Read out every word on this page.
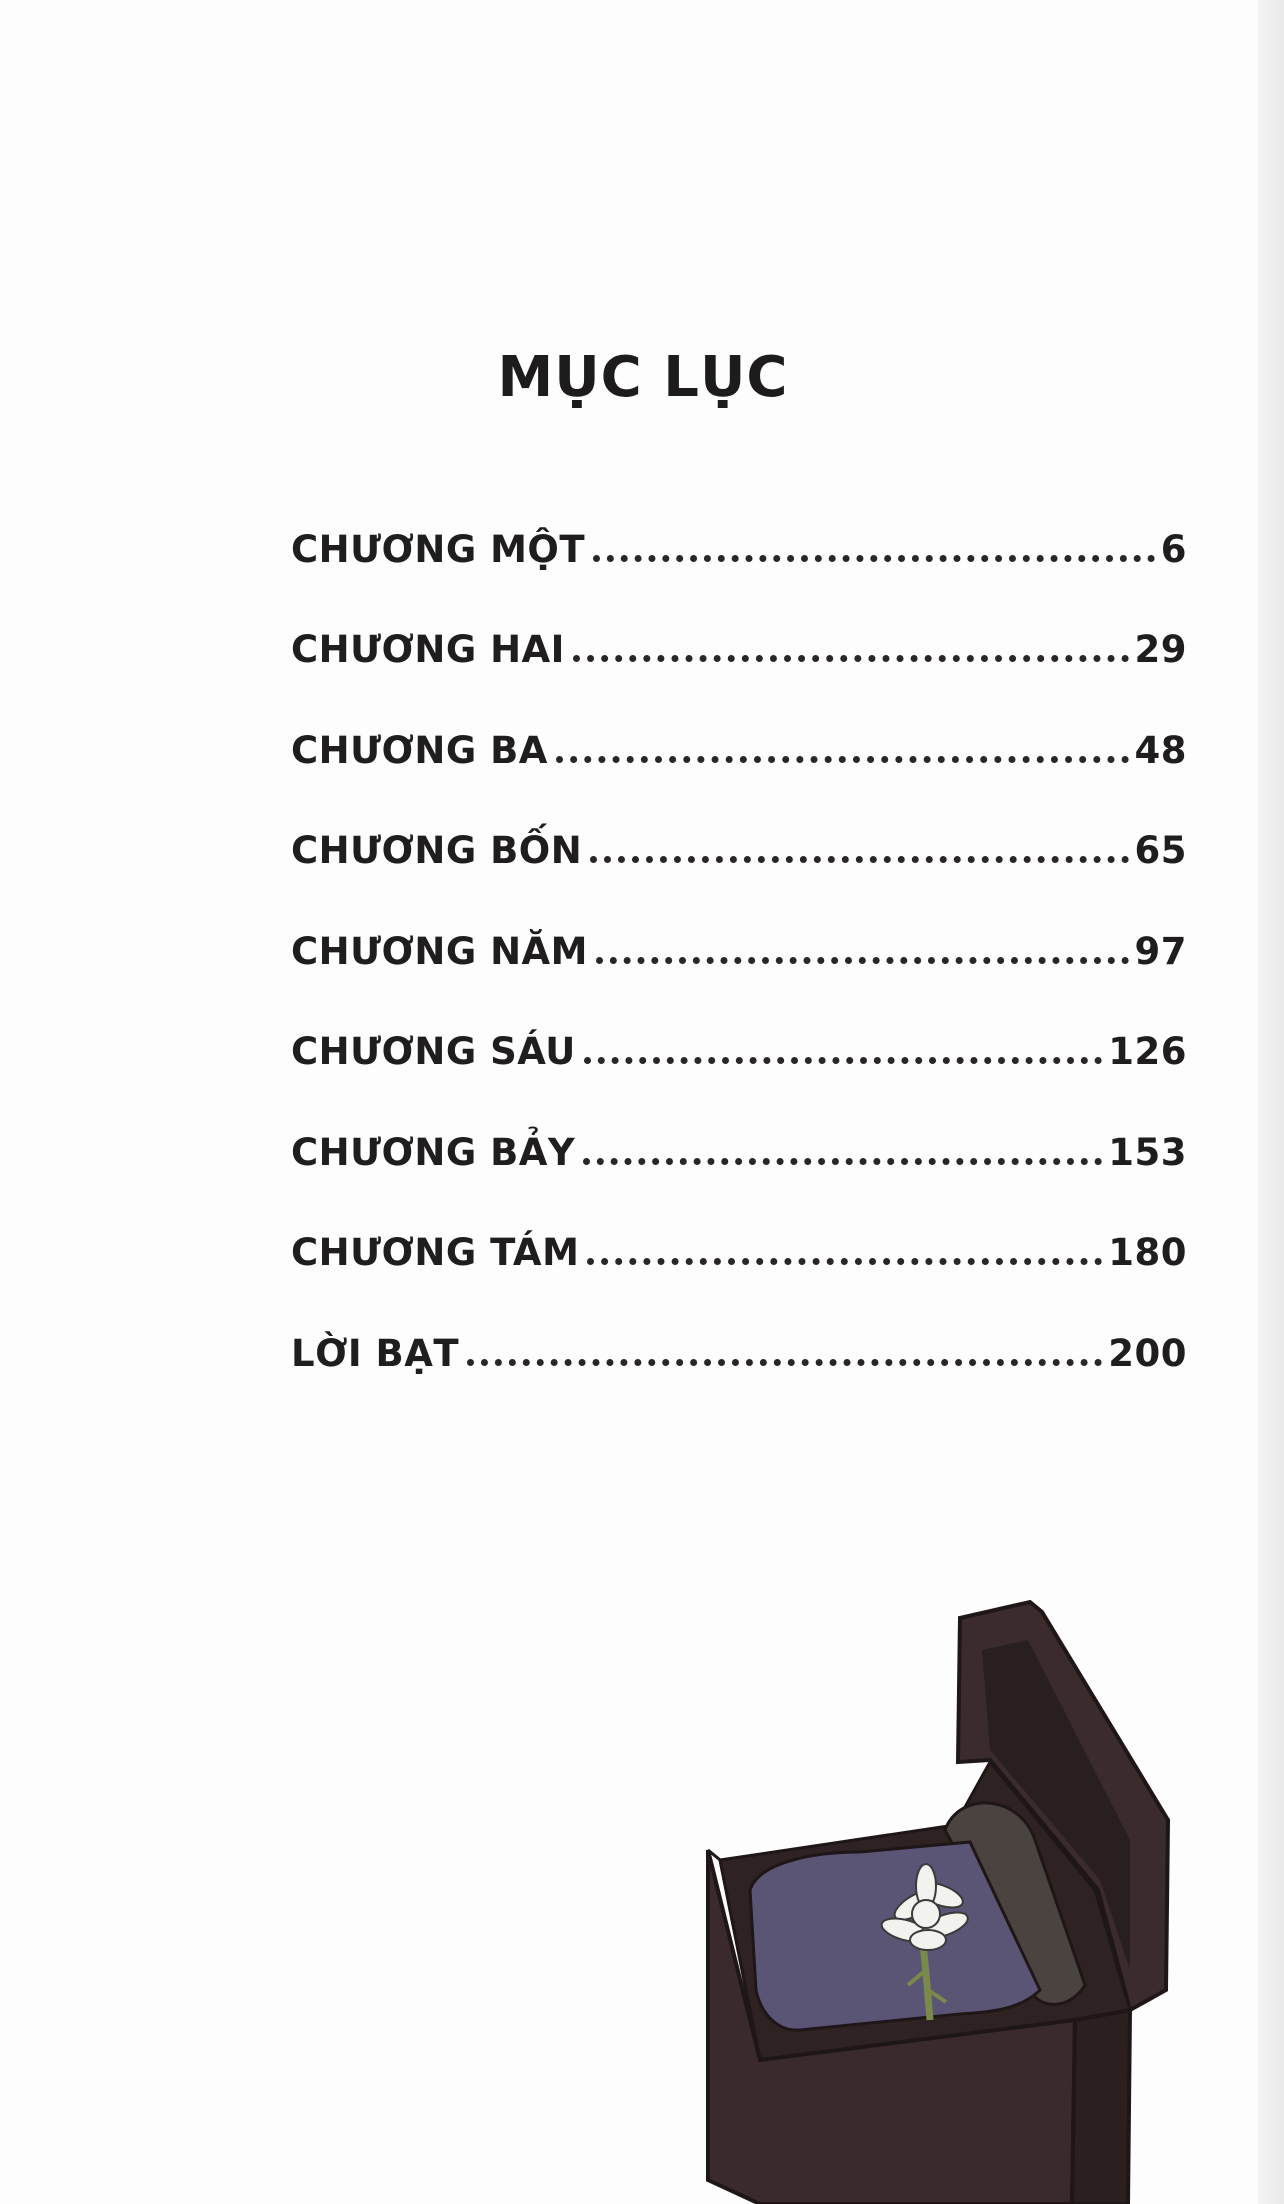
MỤC LỤC
CHƯƠNG MỘT	6
CHƯƠNG HAI	29
CHƯƠNG BA	48
CHƯƠNG BỐN	65
CHƯƠNG NĂM	97
CHƯƠNG SÁU	126
CHƯƠNG BẢY	153
CHƯƠNG TÁM	180
LỜI BẠT	200
